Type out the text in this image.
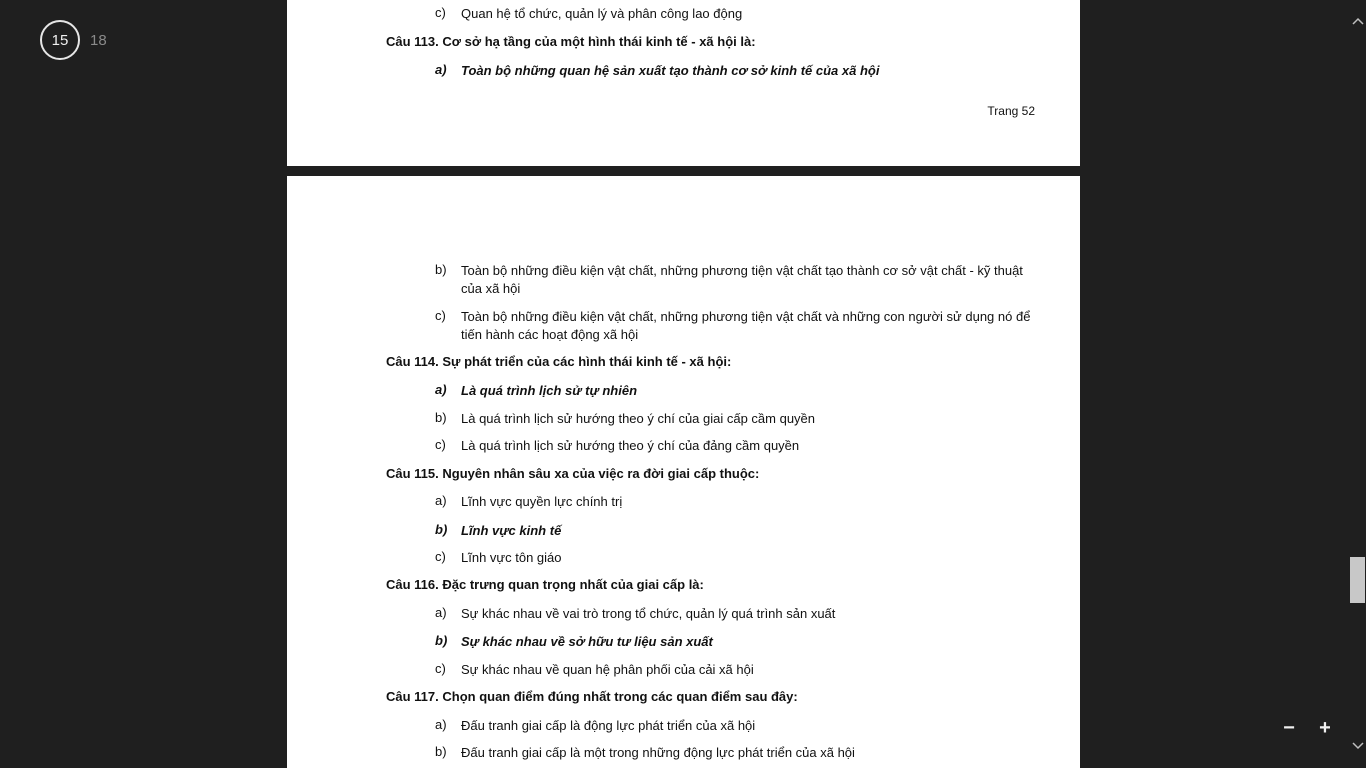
15	18
c) Quan hệ tổ chức, quản lý và phân công lao động
Câu 113. Cơ sở hạ tầng của một hình thái kinh tế - xã hội là:
a) Toàn bộ những quan hệ sản xuất tạo thành cơ sở kinh tế của xã hội
Trang 52
b) Toàn bộ những điều kiện vật chất, những phương tiện vật chất tạo thành cơ sở vật chất - kỹ thuật của xã hội
c) Toàn bộ những điều kiện vật chất, những phương tiện vật chất và những con người sử dụng nó để tiến hành các hoạt động xã hội
Câu 114. Sự phát triển của các hình thái kinh tế - xã hội:
a) Là quá trình lịch sử tự nhiên
b) Là quá trình lịch sử hướng theo ý chí của giai cấp cầm quyền
c) Là quá trình lịch sử hướng theo ý chí của đảng cầm quyền
Câu 115. Nguyên nhân sâu xa của việc ra đời giai cấp thuộc:
a) Lĩnh vực quyền lực chính trị
b) Lĩnh vực kinh tế
c) Lĩnh vực tôn giáo
Câu 116. Đặc trưng quan trọng nhất của giai cấp là:
a) Sự khác nhau về vai trò trong tổ chức, quản lý quá trình sản xuất
b) Sự khác nhau về sở hữu tư liệu sản xuất
c) Sự khác nhau về quan hệ phân phối của cải xã hội
Câu 117. Chọn quan điểm đúng nhất trong các quan điểm sau đây:
a) Đấu tranh giai cấp là động lực phát triển của xã hội
b) Đấu tranh giai cấp là một trong những động lực phát triển của xã hội
− +
